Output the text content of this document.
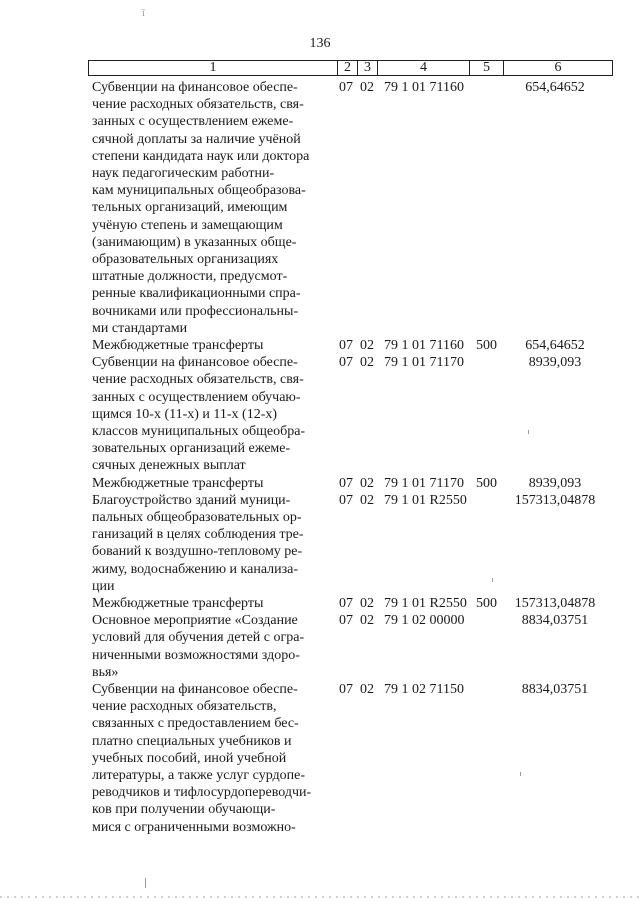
136
1	2 3	4	5	6
Субвенции на финансовое обеспе-
чение расходных обязательств, свя-
занных с осуществлением ежеме-
сячной доплаты за наличие учёной
степени кандидата наук или доктора
наук педагогическим работни-
кам муниципальных общеобразова-
тельных организаций, имеющим
учёную степень и замещающим
(занимающим) в указанных обще-
образовательных организациях
штатные должности, предусмот-
ренные квалификационными спра-
вочниками или профессиональны-
ми стандартами
07 02 79 1 01 71160	654,64652
Межбюджетные трансферты	07 02 79 1 01 71160 500	654,64652
Субвенции на финансовое обеспе-
чение расходных обязательств, свя-
занных с осуществлением обучаю-
щимся 10-х (11-х) и 11-х (12-х)
классов муниципальных общеобра-
зовательных организаций ежеме-
сячных денежных выплат
07 02 79 1 01 71170	8939,093
Межбюджетные трансферты	07 02 79 1 01 71170 500	8939,093
Благоустройство зданий муници-
пальных общеобразовательных ор-
ганизаций в целях соблюдения тре-
бований к воздушно-тепловому ре-
жиму, водоснабжению и канализа-
ции
07 02 79 1 01 R2550	157313,04878
Межбюджетные трансферты	07 02 79 1 01 R2550 500	157313,04878
Основное мероприятие «Создание
условий для обучения детей с огра-
ниченными возможностями здоро-
вья»
07 02 79 1 02 00000	8834,03751
Субвенции на финансовое обеспе-
чение расходных обязательств,
связанных с предоставлением бес-
платно специальных учебников и
учебных пособий, иной учебной
литературы, а также услуг сурдопе-
реводчиков и тифлосурдопереводчи-
ков при получении обучающи-
мися с ограниченными возможно-
07 02 79 1 02 71150	8834,03751
ī
